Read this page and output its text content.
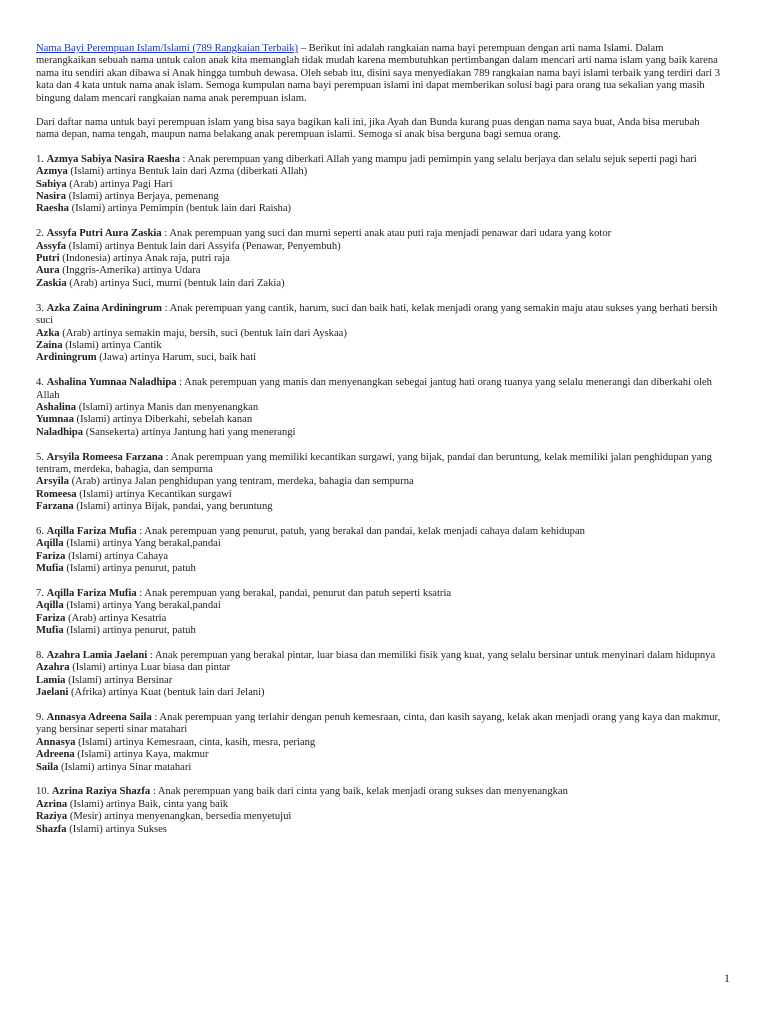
Nama Bayi Perempuan Islam/Islami (789 Rangkaian Terbaik) – Berikut ini adalah rangkaian nama bayi perempuan dengan arti nama Islami. Dalam merangkaikan sebuah nama untuk calon anak kita memanglah tidak mudah karena membutuhkan pertimbangan dalam mencari arti nama islam yang baik karena nama itu sendiri akan dibawa si Anak hingga tumbuh dewasa. Oleh sebab itu, disini saya menyediakan 789 rangkaian nama bayi islami terbaik yang terdiri dari 3 kata dan 4 kata untuk nama anak islam. Semoga kumpulan nama bayi perempuan islami ini dapat memberikan solusi bagi para orang tua sekalian yang masih bingung dalam mencari rangkaian nama anak perempuan islam.

Dari daftar nama untuk bayi perempuan islam yang bisa saya bagikan kali ini, jika Ayah dan Bunda kurang puas dengan nama saya buat, Anda bisa merubah nama depan, nama tengah, maupun nama belakang anak perempuan islami. Semoga si anak bisa berguna bagi semua orang.

1. Azmya Sabiya Nasira Raesha : Anak perempuan yang diberkati Allah yang mampu jadi pemimpin yang selalu berjaya dan selalu sejuk seperti pagi hari
Azmya (Islami) artinya Bentuk lain dari Azma (diberkati Allah)
Sabiya (Arab) artinya Pagi Hari
Nasira (Islami) artinya Berjaya, pemenang
Raesha (Islami) artinya Pemimpin (bentuk lain dari Raisha)
2. Assyfa Putri Aura Zaskia : Anak perempuan yang suci dan murni seperti anak atau puti raja menjadi penawar dari udara yang kotor
Assyfa (Islami) artinya Bentuk lain dari Assyifa (Penawar, Penyembuh)
Putri (Indonesia) artinya Anak raja, putri raja
Aura (Inggris-Amerika) artinya Udara
Zaskia (Arab) artinya Suci, murni (bentuk lain dari Zakia)
3. Azka Zaina Ardiningrum : Anak perempuan yang cantik, harum, suci dan baik hati, kelak menjadi orang yang semakin maju atau sukses yang berhati bersih suci
Azka (Arab) artinya semakin maju, bersih, suci (bentuk lain dari Ayskaa)
Zaina (Islami) artinya Cantik
Ardiningrum (Jawa) artinya Harum, suci, baik hati
4. Ashalina Yumnaa Naladhipa : Anak perempuan yang manis dan menyenangkan sebegai jantug hati orang tuanya yang selalu menerangi dan diberkahi oleh Allah
Ashalina (Islami) artinya Manis dan menyenangkan
Yumnaa (Islami) artinya Diberkahi, sebelah kanan
Naladhipa (Sansekerta) artinya Jantung hati yang menerangi
5. Arsyila Romeesa Farzana : Anak perempuan yang memiliki kecantikan surgawi, yang bijak, pandai dan beruntung, kelak memiliki jalan penghidupan yang tentram, merdeka, bahagia, dan sempurna
Arsyila (Arab) artinya Jalan penghidupan yang tentram, merdeka, bahagia dan sempurna
Romeesa (Islami) artinya Kecantikan surgawi
Farzana (Islami) artinya Bijak, pandai, yang beruntung
6. Aqilla Fariza Mufia : Anak perempuan yang penurut, patuh, yang berakal dan pandai, kelak menjadi cahaya dalam kehidupan
Aqilla (Islami) artinya Yang berakal,pandai
Fariza (Islami) artinya Cahaya
Mufia (Islami) artinya penurut, patuh
7. Aqilla Fariza Mufia : Anak perempuan yang berakal, pandai, penurut dan patuh seperti ksatria
Aqilla (Islami) artinya Yang berakal,pandai
Fariza (Arab) artinya Kesatria
Mufia (Islami) artinya penurut, patuh
8. Azahra Lamia Jaelani : Anak perempuan yang berakal pintar, luar biasa dan memiliki fisik yang kuat, yang selalu bersinar untuk menyinari dalam hidupnya
Azahra (Islami) artinya Luar biasa dan pintar
Lamia (Islami) artinya Bersinar
Jaelani (Afrika) artinya Kuat (bentuk lain dari Jelani)
9. Annasya Adreena Saila : Anak perempuan yang terlahir dengan penuh kemesraan, cinta, dan kasih sayang, kelak akan menjadi orang yang kaya dan makmur, yang bersinar seperti sinar matahari
Annasya (Islami) artinya Kemesraan, cinta, kasih, mesra, periang
Adreena (Islami) artinya Kaya, makmur
Saila (Islami) artinya Sinar matahari
10. Azrina Raziya Shazfa : Anak perempuan yang baik dari cinta yang baik, kelak menjadi orang sukses dan menyenangkan
Azrina (Islami) artinya Baik, cinta yang baik
Raziya (Mesir) artinya menyenangkan, bersedia menyetujui
Shazfa (Islami) artinya Sukses
1
